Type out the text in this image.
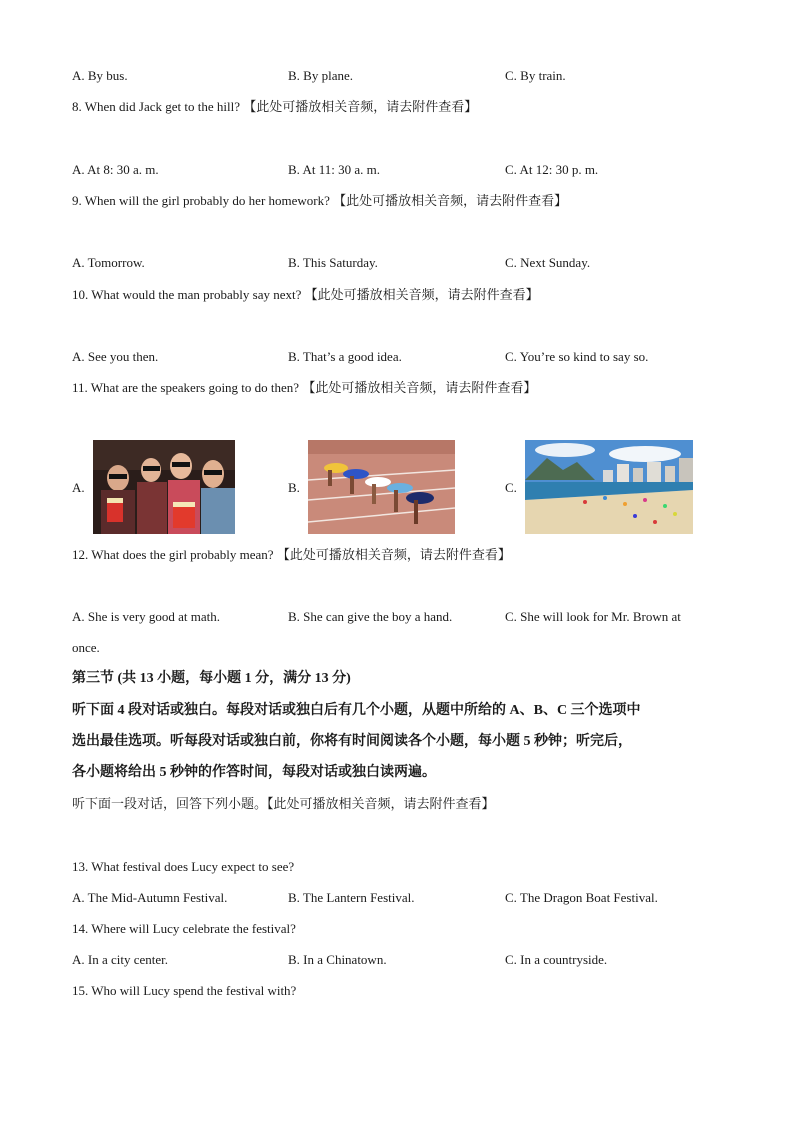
A. By bus.	B. By plane.	C. By train.
8. When did Jack get to the hill? 【此处可播放相关音频，请去附件查看】
A. At 8: 30 a. m.	B. At 11: 30 a. m.	C. At 12: 30 p. m.
9. When will the girl probably do her homework? 【此处可播放相关音频，请去附件查看】
A. Tomorrow.	B. This Saturday.	C. Next Sunday.
10. What would the man probably say next? 【此处可播放相关音频，请去附件查看】
A. See you then.	B. That’s a good idea.	C. You’re so kind to say so.
11. What are the speakers going to do then? 【此处可播放相关音频，请去附件查看】
A.	B.	C.
12. What does the girl probably mean? 【此处可播放相关音频，请去附件查看】
A. She is very good at math.	B. She can give the boy a hand.	C. She will look for Mr. Brown at
once.
第三节 (共 13 小题，每小题 1 分，满分 13 分)
听下面 4 段对话或独白。每段对话或独白后有几个小题，从题中所给的 A、B、C 三个选项中
选出最佳选项。听每段对话或独白前，你将有时间阅读各个小题，每小题 5 秒钟；听完后，
各小题将给出 5 秒钟的作答时间，每段对话或独白读两遍。
听下面一段对话，回答下列小题。【此处可播放相关音频，请去附件查看】
13. What festival does Lucy expect to see?
A. The Mid-Autumn Festival.	B. The Lantern Festival.	C. The Dragon Boat Festival.
14. Where will Lucy celebrate the festival?
A. In a city center.	B. In a Chinatown.	C. In a countryside.
15. Who will Lucy spend the festival with?
